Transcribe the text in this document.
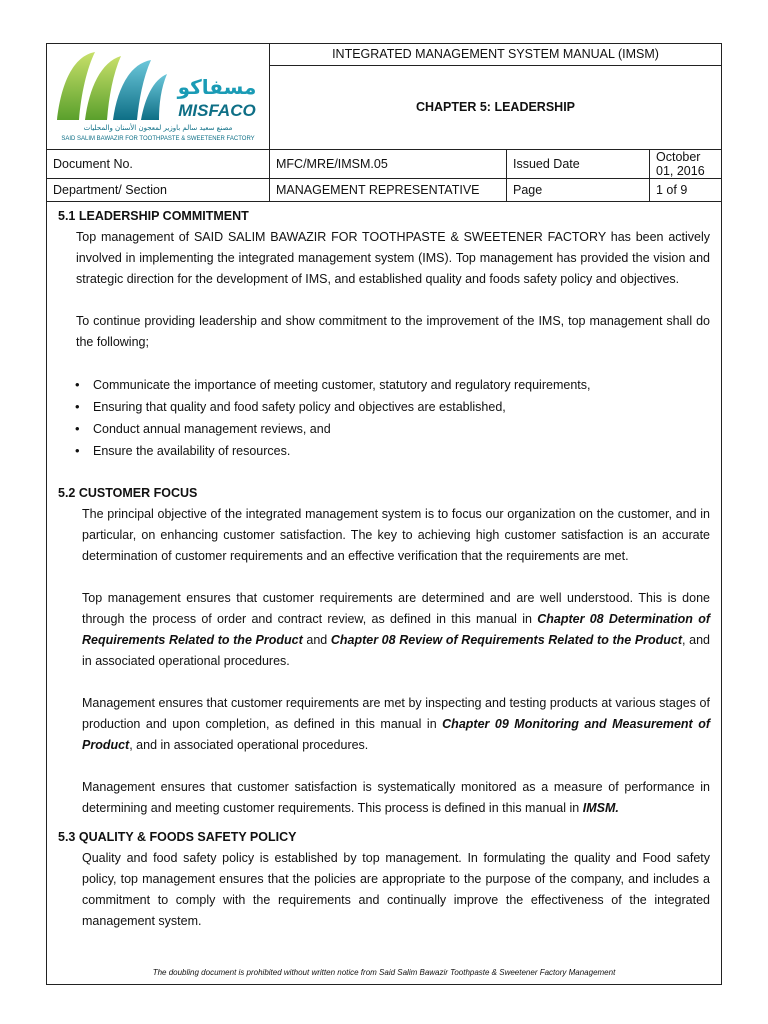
مسفاكو
MISFACO
مصنع سعيد سالم باوزير لمعجون الأسنان والمحليات
SAID SALIM BAWAZIR FOR TOOTHPASTE & SWEETENER FACTORY	INTEGRATED MANAGEMENT SYSTEM MANUAL (IMSM)		
	CHAPTER 5: LEADERSHIP		
Document No.	MFC/MRE/IMSM.05	Issued Date	October 01, 2016
Department/ Section	MANAGEMENT REPRESENTATIVE	Page	1 of 9
5.1 LEADERSHIP COMMITMENT

Top management of SAID SALIM BAWAZIR FOR TOOTHPASTE & SWEETENER FACTORY has been actively involved in implementing the integrated management system (IMS). Top management has provided the vision and strategic direction for the development of IMS, and established quality and foods safety policy and objectives.

To continue providing leadership and show commitment to the improvement of the IMS, top management shall do the following;

• Communicate the importance of meeting customer, statutory and regulatory requirements,
• Ensuring that quality and food safety policy and objectives are established,
• Conduct annual management reviews, and
• Ensure the availability of resources.
5.2 CUSTOMER FOCUS

The principal objective of the integrated management system is to focus our organization on the customer, and in particular, on enhancing customer satisfaction. The key to achieving high customer satisfaction is an accurate determination of customer requirements and an effective verification that the requirements are met.

Top management ensures that customer requirements are determined and are well understood. This is done through the process of order and contract review, as defined in this manual in Chapter 08 Determination of Requirements Related to the Product and Chapter 08 Review of Requirements Related to the Product, and in associated operational procedures.

Management ensures that customer requirements are met by inspecting and testing products at various stages of production and upon completion, as defined in this manual in Chapter 09 Monitoring and Measurement of Product, and in associated operational procedures.

Management ensures that customer satisfaction is systematically monitored as a measure of performance in determining and meeting customer requirements. This process is defined in this manual in IMSM.

5.3 QUALITY & FOODS SAFETY POLICY

Quality and food safety policy is established by top management. In formulating the quality and Food safety policy, top management ensures that the policies are appropriate to the purpose of the company, and includes a commitment to comply with the requirements and continually improve the effectiveness of the integrated management system.

The doubling document is prohibited without written notice from Said Salim Bawazir Toothpaste & Sweetener Factory Management
